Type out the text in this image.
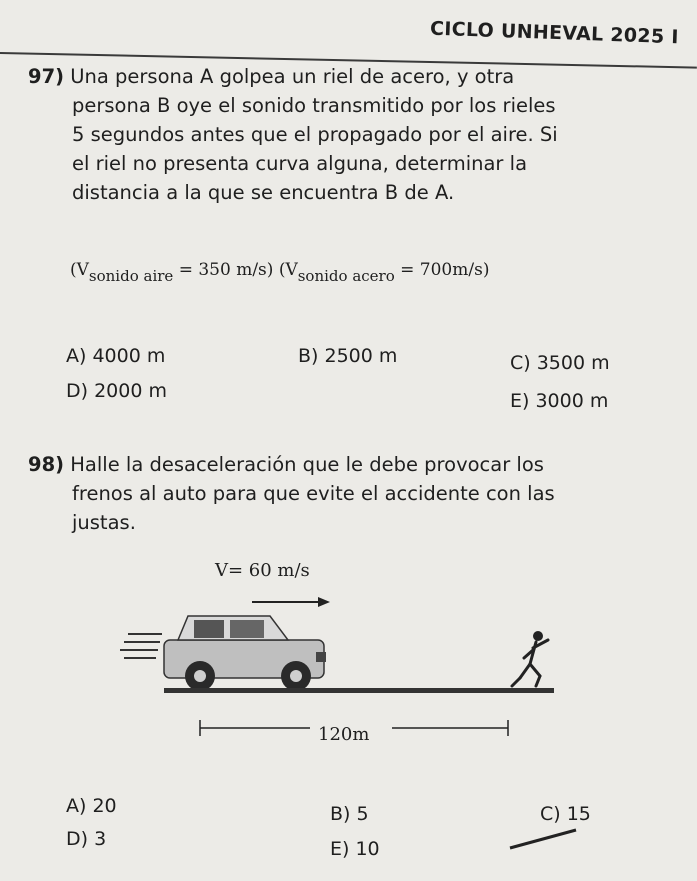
CICLO UNHEVAL 2025 I

97) Una persona A golpea un riel de acero, y otra

persona B oye el sonido transmitido por los rieles

5 segundos antes que el propagado por el aire. Si

el riel no presenta curva alguna, determinar la

distancia a la que se encuentra B de A.

($V_{sonido aire} = 350$ m/s) $(V_{sonido acero} = 700m/s)$
A) 4000 m	B) 2500 m	C) 3500 m
D) 2000 m	E) 3000 m

98) Halle la desaceleración que le debe provocar los

frenos al auto para que evite el accidente con las

justas.

V= 60 m/s
120m
A) 20	B) 5	C) 15
D) 3	E) 10
